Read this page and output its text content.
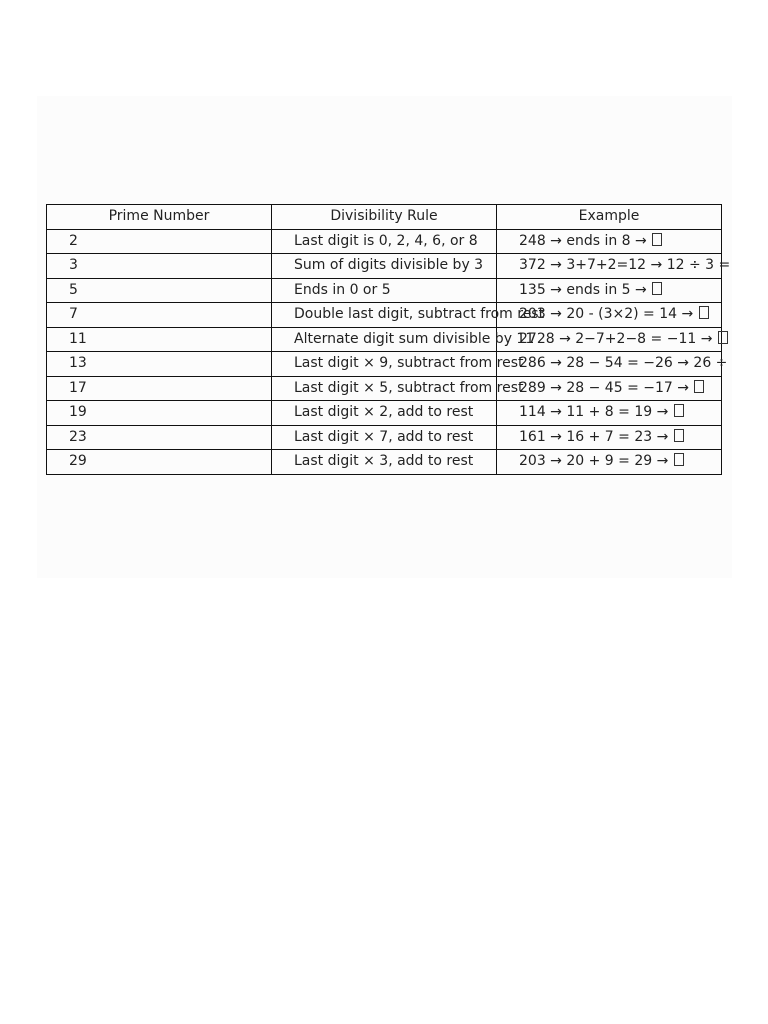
Prime Number	Divisibility Rule	Example
2	Last digit is 0, 2, 4, 6, or 8	248 → ends in 8 →
3	Sum of digits divisible by 3	372 → 3+7+2=12 → 12 ÷ 3 =
5	Ends in 0 or 5	135 → ends in 5 →
7	Double last digit, subtract from rest	203 → 20 - (3×2) = 14 →
11	Alternate digit sum divisible by 11	2728 → 2−7+2−8 = −11 →
13	Last digit × 9, subtract from rest	286 → 28 − 54 = −26 → 26 ÷
17	Last digit × 5, subtract from rest	289 → 28 − 45 = −17 →
19	Last digit × 2, add to rest	114 → 11 + 8 = 19 →
23	Last digit × 7, add to rest	161 → 16 + 7 = 23 →
29	Last digit × 3, add to rest	203 → 20 + 9 = 29 →
